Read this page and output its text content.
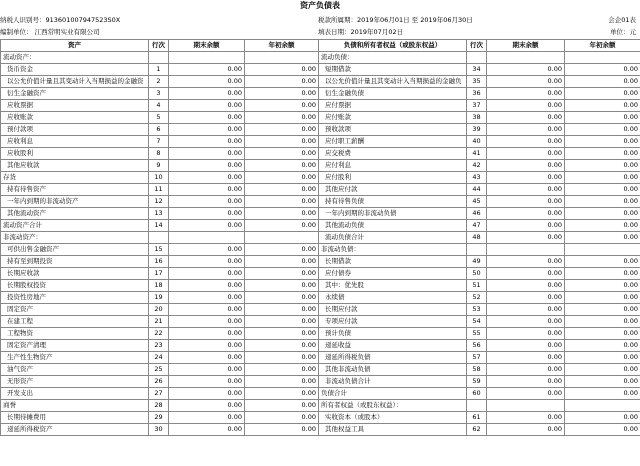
资产负债表
纳税人识别号：913601007947523S0X	税款所属期：2019年06月01日 至 2019年06月30日	会企01表
编制单位： 江西常明实业有限公司	填表日期：2019年07月02日	单位：元
资产	行次	期末余额	年初余额	负债和所有者权益（或股东权益）	行次	期末余额	年初余额
流动资产：				流动负债：			
货币资金	1	0.00	0.00	短期借款	34	0.00	0.00
以公允价值计量且其变动计入当期损益的金融资	2	0.00	0.00	以公允价值计量且其变动计入当期损益的金融负	35	0.00	0.00
衍生金融资产	3	0.00	0.00	衍生金融负债	36	0.00	0.00
应收票据	4	0.00	0.00	应付票据	37	0.00	0.00
应收账款	5	0.00	0.00	应付账款	38	0.00	0.00
预付款项	6	0.00	0.00	预收款项	39	0.00	0.00
应收利息	7	0.00	0.00	应付职工薪酬	40	0.00	0.00
应收股利	8	0.00	0.00	应交税费	41	0.00	0.00
其他应收款	9	0.00	0.00	应付利息	42	0.00	0.00
存货	10	0.00	0.00	应付股利	43	0.00	0.00
持有待售资产	11	0.00	0.00	其他应付款	44	0.00	0.00
一年内到期的非流动资产	12	0.00	0.00	持有待售负债	45	0.00	0.00
其他流动资产	13	0.00	0.00	一年内到期的非流动负债	46	0.00	0.00
流动资产合计	14	0.00	0.00	其他流动负债	47	0.00	0.00
非流动资产：				流动负债合计	48	0.00	0.00
可供出售金融资产	15	0.00	0.00	非流动负债：			
持有至到期投资	16	0.00	0.00	长期借款	49	0.00	0.00
长期应收款	17	0.00	0.00	应付债券	50	0.00	0.00
长期股权投资	18	0.00	0.00	其中：优先股	51	0.00	0.00
投资性房地产	19	0.00	0.00	永续债	52	0.00	0.00
固定资产	20	0.00	0.00	长期应付款	53	0.00	0.00
在建工程	21	0.00	0.00	专项应付款	54	0.00	0.00
工程物资	22	0.00	0.00	预计负债	55	0.00	0.00
固定资产清理	23	0.00	0.00	递延收益	56	0.00	0.00
生产性生物资产	24	0.00	0.00	递延所得税负债	57	0.00	0.00
油气资产	25	0.00	0.00	其他非流动负债	58	0.00	0.00
无形资产	26	0.00	0.00	非流动负债合计	59	0.00	0.00
开发支出	27	0.00	0.00	负债合计	60	0.00	0.00
商誉	28	0.00	0.00	所有者权益（或股东权益）：			
长期待摊费用	29	0.00	0.00	实收资本（或股本）	61	0.00	0.00
递延所得税资产	30	0.00	0.00	其他权益工具	62	0.00	0.00
